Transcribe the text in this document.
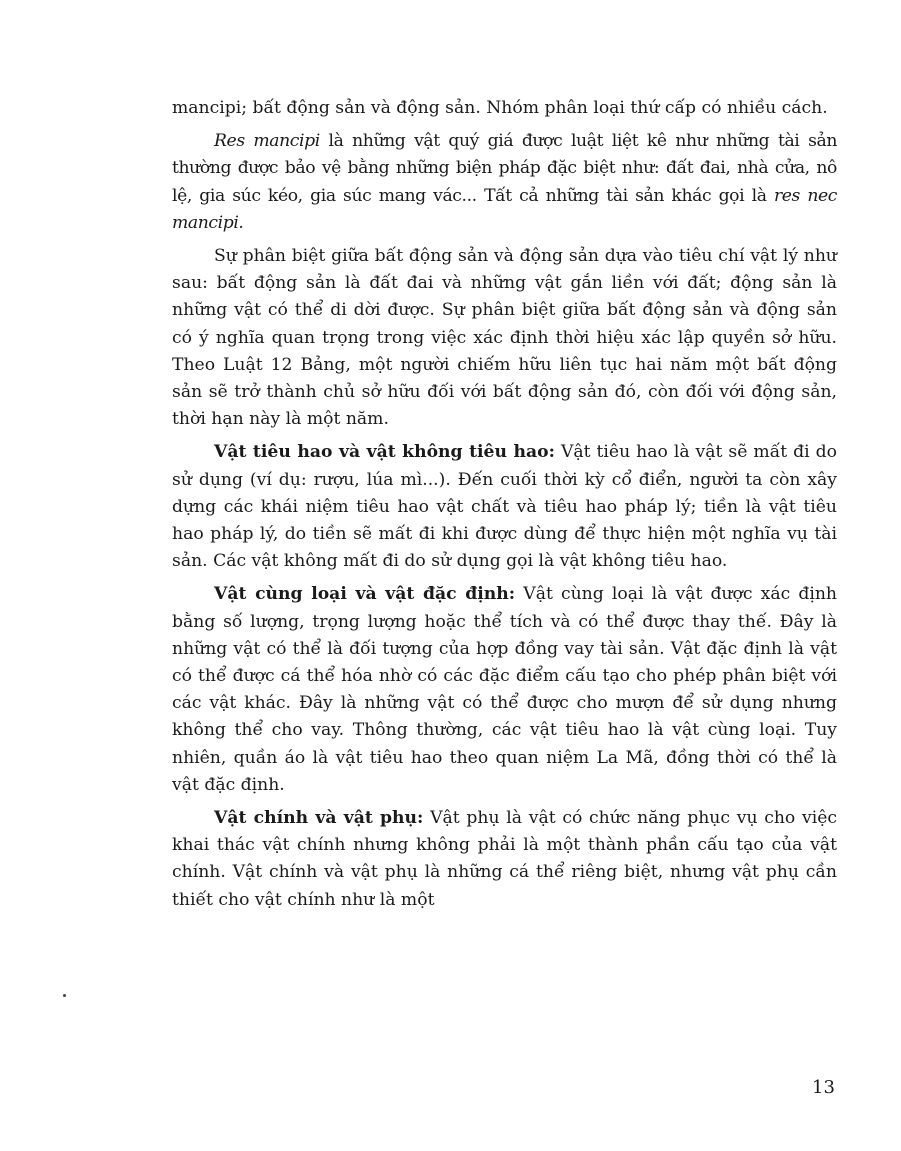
mancipi; bất động sản và động sản. Nhóm phân loại thứ cấp có nhiều cách.

Res mancipi là những vật quý giá được luật liệt kê như những tài sản thường được bảo vệ bằng những biện pháp đặc biệt như: đất đai, nhà cửa, nô lệ, gia súc kéo, gia súc mang vác... Tất cả những tài sản khác gọi là res nec mancipi.

Sự phân biệt giữa bất động sản và động sản dựa vào tiêu chí vật lý như sau: bất động sản là đất đai và những vật gắn liền với đất; động sản là những vật có thể di dời được. Sự phân biệt giữa bất động sản và động sản có ý nghĩa quan trọng trong việc xác định thời hiệu xác lập quyền sở hữu. Theo Luật 12 Bảng, một người chiếm hữu liên tục hai năm một bất động sản sẽ trở thành chủ sở hữu đối với bất động sản đó, còn đối với động sản, thời hạn này là một năm.

Vật tiêu hao và vật không tiêu hao: Vật tiêu hao là vật sẽ mất đi do sử dụng (ví dụ: rượu, lúa mì...). Đến cuối thời kỳ cổ điển, người ta còn xây dựng các khái niệm tiêu hao vật chất và tiêu hao pháp lý; tiền là vật tiêu hao pháp lý, do tiền sẽ mất đi khi được dùng để thực hiện một nghĩa vụ tài sản. Các vật không mất đi do sử dụng gọi là vật không tiêu hao.

Vật cùng loại và vật đặc định: Vật cùng loại là vật được xác định bằng số lượng, trọng lượng hoặc thể tích và có thể được thay thế. Đây là những vật có thể là đối tượng của hợp đồng vay tài sản. Vật đặc định là vật có thể được cá thể hóa nhờ có các đặc điểm cấu tạo cho phép phân biệt với các vật khác. Đây là những vật có thể được cho mượn để sử dụng nhưng không thể cho vay. Thông thường, các vật tiêu hao là vật cùng loại. Tuy nhiên, quần áo là vật tiêu hao theo quan niệm La Mã, đồng thời có thể là vật đặc định.

Vật chính và vật phụ: Vật phụ là vật có chức năng phục vụ cho việc khai thác vật chính nhưng không phải là một thành phần cấu tạo của vật chính. Vật chính và vật phụ là những cá thể riêng biệt, nhưng vật phụ cần thiết cho vật chính như là một

13
